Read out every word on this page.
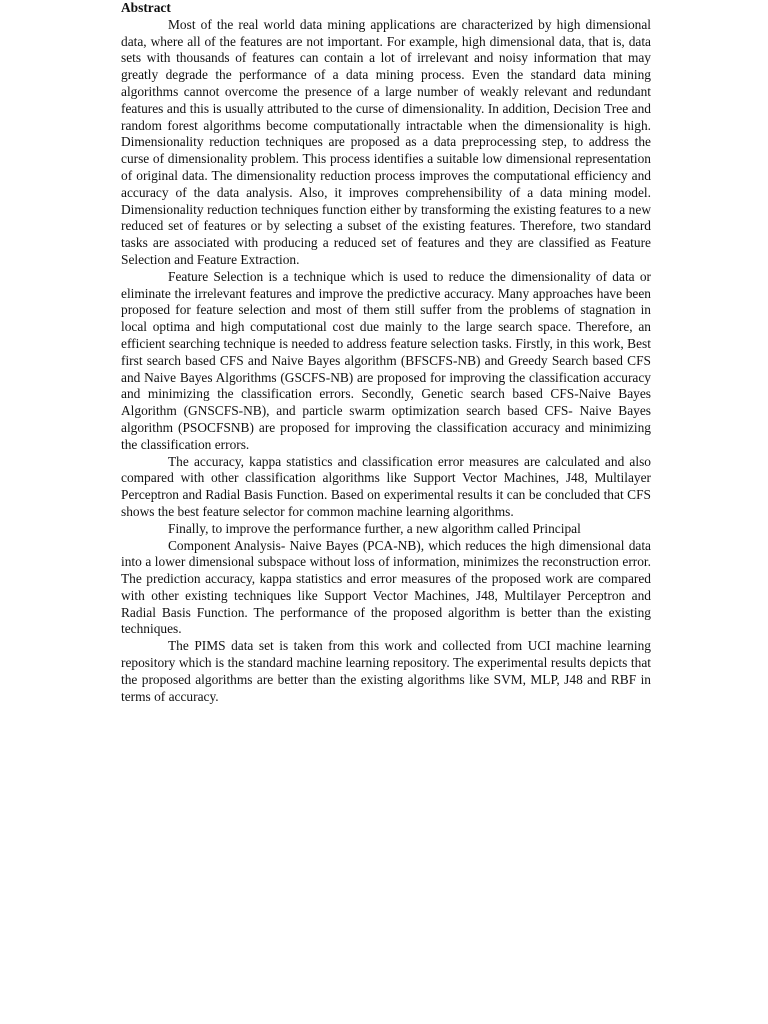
Abstract

Most of the real world data mining applications are characterized by high dimensional data, where all of the features are not important. For example, high dimensional data, that is, data sets with thousands of features can contain a lot of irrelevant and noisy information that may greatly degrade the performance of a data mining process. Even the standard data mining algorithms cannot overcome the presence of a large number of weakly relevant and redundant features and this is usually attributed to the curse of dimensionality. In addition, Decision Tree and random forest algorithms become computationally intractable when the dimensionality is high. Dimensionality reduction techniques are proposed as a data preprocessing step, to address the curse of dimensionality problem. This process identifies a suitable low dimensional representation of original data. The dimensionality reduction process improves the computational efficiency and accuracy of the data analysis. Also, it improves comprehensibility of a data mining model. Dimensionality reduction techniques function either by transforming the existing features to a new reduced set of features or by selecting a subset of the existing features. Therefore, two standard tasks are associated with producing a reduced set of features and they are classified as Feature Selection and Feature Extraction.

Feature Selection is a technique which is used to reduce the dimensionality of data or eliminate the irrelevant features and improve the predictive accuracy. Many approaches have been proposed for feature selection and most of them still suffer from the problems of stagnation in local optima and high computational cost due mainly to the large search space. Therefore, an efficient searching technique is needed to address feature selection tasks. Firstly, in this work, Best first search based CFS and Naive Bayes algorithm (BFSCFS-NB) and Greedy Search based CFS and Naive Bayes Algorithms (GSCFS-NB) are proposed for improving the classification accuracy and minimizing the classification errors. Secondly, Genetic search based CFS-Naive Bayes Algorithm (GNSCFS-NB), and particle swarm optimization search based CFS- Naive Bayes algorithm (PSOCFSNB) are proposed for improving the classification accuracy and minimizing the classification errors.

The accuracy, kappa statistics and classification error measures are calculated and also compared with other classification algorithms like Support Vector Machines, J48, Multilayer Perceptron and Radial Basis Function. Based on experimental results it can be concluded that CFS shows the best feature selector for common machine learning algorithms.

Finally, to improve the performance further, a new algorithm called Principal

Component Analysis- Naive Bayes (PCA-NB), which reduces the high dimensional data into a lower dimensional subspace without loss of information, minimizes the reconstruction error. The prediction accuracy, kappa statistics and error measures of the proposed work are compared with other existing techniques like Support Vector Machines, J48, Multilayer Perceptron and Radial Basis Function. The performance of the proposed algorithm is better than the existing techniques.

The PIMS data set is taken from this work and collected from UCI machine learning repository which is the standard machine learning repository. The experimental results depicts that the proposed algorithms are better than the existing algorithms like SVM, MLP, J48 and RBF in terms of accuracy.
